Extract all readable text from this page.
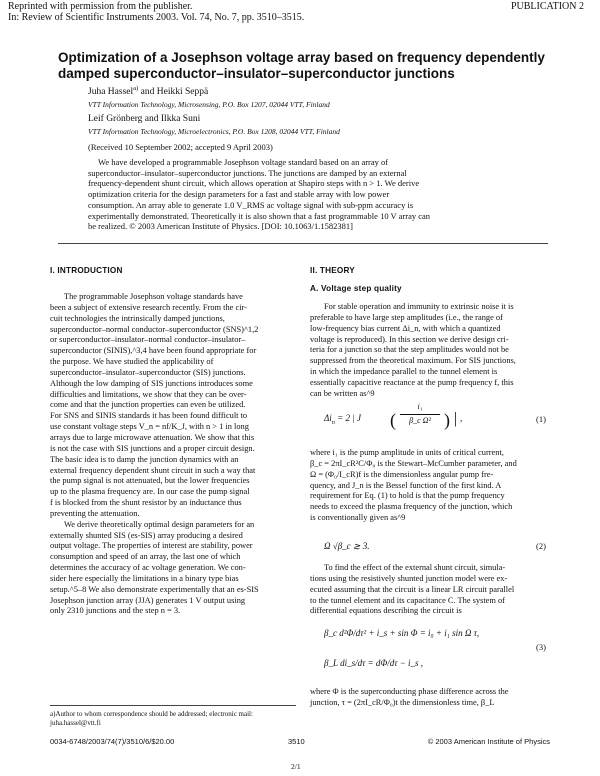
Reprinted with permission from the publisher.
In: Review of Scientific Instruments 2003. Vol. 74, No. 7, pp. 3510–3515.
PUBLICATION 2
Optimization of a Josephson voltage array based on frequency dependently
damped superconductor–insulator–superconductor junctions
Juha Hassel$^{a)}$ and Heikki Seppä
VTT Information Technology, Microsensing, P.O. Box 1207, 02044 VTT, Finland
Leif Grönberg and Ilkka Suni
VTT Information Technology, Microelectronics, P.O. Box 1208, 02044 VTT, Finland
(Received 10 September 2002; accepted 9 April 2003)
We have developed a programmable Josephson voltage standard based on an array of
superconductor–insulator–superconductor junctions. The junctions are damped by an external
frequency-dependent shunt circuit, which allows operation at Shapiro steps with n > 1. We derive
optimization criteria for the design parameters for a fast and stable array with low power
consumption. An array able to generate 1.0 V_RMS ac voltage signal with sub-ppm accuracy is
experimentally demonstrated. Theoretically it is also shown that a fast programmable 10 V array can
be realized. © 2003 American Institute of Physics. [DOI: 10.1063/1.1582381]
I. INTRODUCTION
The programmable Josephson voltage standards have
been a subject of extensive research recently. From the cir-
cuit technologies the intrinsically damped junctions,
superconductor–normal conductor–superconductor (SNS)^1,2
or superconductor–insulator–normal conductor–insulator–
superconductor (SINIS),^3,4 have been found appropriate for
the purpose. We have studied the applicability of
superconductor–insulator–superconductor (SIS) junctions.
Although the low damping of SIS junctions introduces some
difficulties and limitations, we show that they can be over-
come and that the junction properties can even be utilized.
For SNS and SINIS standards it has been found difficult to
use constant voltage steps V_n = nf/K_J, with n > 1 in long
arrays due to large microwave attenuation. We show that this
is not the case with SIS junctions and a proper circuit design.
The basic idea is to damp the junction dynamics with an
external frequency dependent shunt circuit in such a way that
the pump signal is not attenuated, but the lower frequencies
up to the plasma frequency are. In our case the pump signal
f is blocked from the shunt resistor by an inductance thus
preventing the attenuation.
We derive theoretically optimal design parameters for an
externally shunted SIS (es-SIS) array producing a desired
output voltage. The properties of interest are stability, power
consumption and speed of an array, the last one of which
determines the accuracy of ac voltage generation. We con-
sider here especially the limitations in a binary type bias
setup.^5–8 We also demonstrate experimentally that an es-SIS
Josephson junction array (JJA) generates 1 V output using
only 2310 junctions and the step n = 3.
a)Author to whom correspondence should be addressed; electronic mail:
juha.hassel@vtt.fi
II. THEORY
A. Voltage step quality
For stable operation and immunity to extrinsic noise it is
preferable to have large step amplitudes (i.e., the range of
low-frequency bias current Δi_n, with which a quantized
voltage is reproduced). In this section we derive design cri-
teria for a junction so that the step amplitudes would not be
suppressed from the theoretical maximum. For SIS junctions,
in which the impedance parallel to the tunnel element is
essentially capacitive reactance at the pump frequency f, this
can be written as^9
$\Delta i_n = 2$ | J (
i₁
β_c Ω² ) | ,	(1)
where i₁ is the pump amplitude in units of critical current,
β_c = 2πI_cR²C/Φ₀ is the Stewart–McCumber parameter, and
Ω = (Φ₀/I_cR)f is the dimensionless angular pump fre-
quency, and J_n is the Bessel function of the first kind. A
requirement for Eq. (1) to hold is that the pump frequency
needs to exceed the plasma frequency of the junction, which
is conventionally given as^9
Ω √β_c ≳ 3.	(2)
To find the effect of the external shunt circuit, simula-
tions using the resistively shunted junction model were ex-
ecuted assuming that the circuit is a linear LR circuit parallel
to the tunnel element and its capacitance C. The system of
differential equations describing the circuit is
β_c d²Φ/dτ² + i_s + sin Φ = i₀ + i₁ sin Ω τ,
β_L di_s/dτ = dΦ/dτ − i_s ,
(3)
where Φ is the superconducting phase difference across the
junction, τ = (2πI_cR/Φ₀)t the dimensionless time, β_L
0034-6748/2003/74(7)/3510/6/$20.00	3510	© 2003 American Institute of Physics
2/1
